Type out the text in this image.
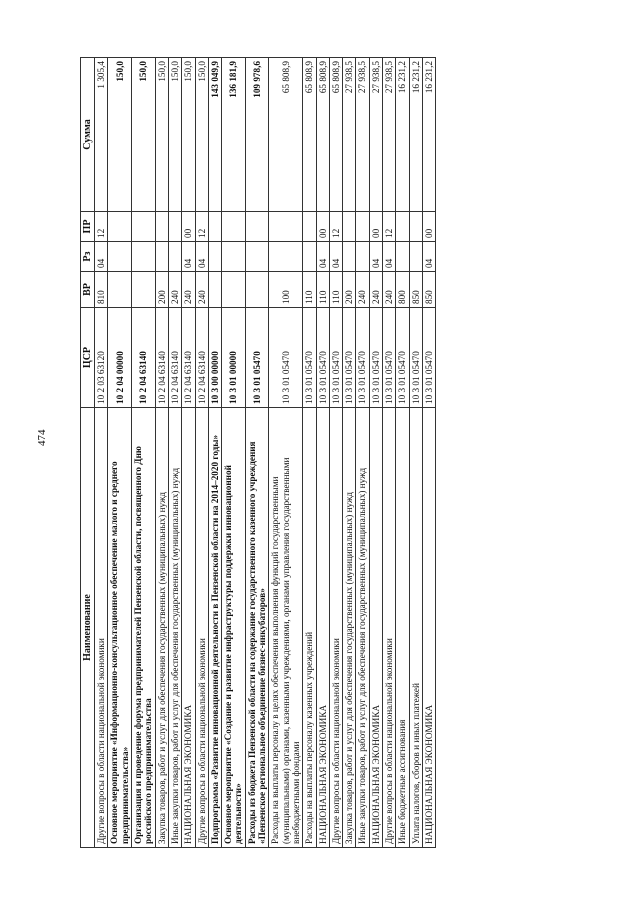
474
Наименование	ЦСР	ВР	Рз	ПР	Сумма
Другие вопросы в области национальной экономики	10 2 03 63120	810	04	12	1 305,4
Основное мероприятие «Информационно-консультационное обеспечение малого и среднего предпринимательства»	10 2 04 00000				150,0
Организация и проведение форума предпринимателей Пензенской области, посвященного Дню российского предпринимательства	10 2 04 63140				150,0
Закупка товаров, работ и услуг для обеспечения государственных (муниципальных) нужд	10 2 04 63140	200			150,0
Иные закупки товаров, работ и услуг для обеспечения государственных (муниципальных) нужд	10 2 04 63140	240			150,0
НАЦИОНАЛЬНАЯ ЭКОНОМИКА	10 2 04 63140	240	04	00	150,0
Другие вопросы в области национальной экономики	10 2 04 63140	240	04	12	150,0
Подпрограмма «Развитие инновационной деятельности в Пензенской области на 2014–2020 годы»	10 3 00 00000				143 049,9
Основное мероприятие «Создание и развитие инфраструктуры поддержки инновационной деятельности»	10 3 01 00000				136 181,9
Расходы из бюджета Пензенской области на содержание государственного казенного учреждения «Пензенское региональное объединение бизнес-инкубаторов»	10 3 01 05470				109 978,6
Расходы на выплаты персоналу в целях обеспечения выполнения функций государственными (муниципальными) органами, казенными учреждениями, органами управления государственными внебюджетными фондами	10 3 01 05470	100			65 808,9
Расходы на выплаты персоналу казенных учреждений	10 3 01 05470	110			65 808,9
НАЦИОНАЛЬНАЯ ЭКОНОМИКА	10 3 01 05470	110	04	00	65 808,9
Другие вопросы в области национальной экономики	10 3 01 05470	110	04	12	65 808,9
Закупка товаров, работ и услуг для обеспечения государственных (муниципальных) нужд	10 3 01 05470	200			27 938,5
Иные закупки товаров, работ и услуг для обеспечения государственных (муниципальных) нужд	10 3 01 05470	240			27 938,5
НАЦИОНАЛЬНАЯ ЭКОНОМИКА	10 3 01 05470	240	04	00	27 938,5
Другие вопросы в области национальной экономики	10 3 01 05470	240	04	12	27 938,5
Иные бюджетные ассигнования	10 3 01 05470	800			16 231,2
Уплата налогов, сборов и иных платежей	10 3 01 05470	850			16 231,2
НАЦИОНАЛЬНАЯ ЭКОНОМИКА	10 3 01 05470	850	04	00	16 231,2
